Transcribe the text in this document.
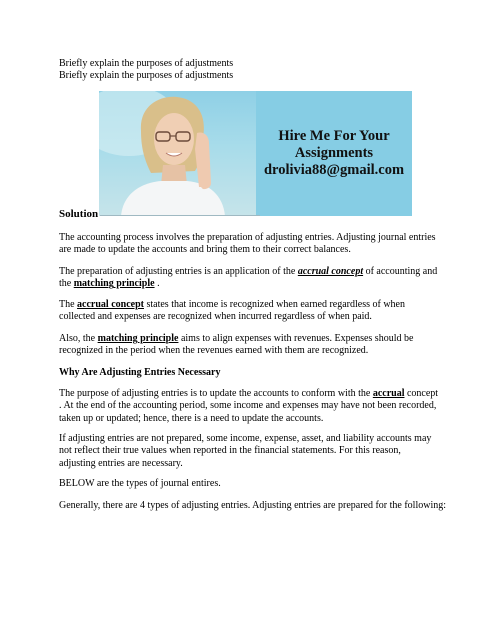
Briefly explain the purposes of adjustments
Briefly explain the purposes of adjustments
Hire Me For Your
Assignments
drolivia88@gmail.com
Solution

The accounting process involves the preparation of adjusting entries. Adjusting journal entries are made to update the accounts and bring them to their correct balances.

The preparation of adjusting entries is an application of the accrual concept of accounting and the matching principle .

The accrual concept states that income is recognized when earned regardless of when collected and expenses are recognized when incurred regardless of when paid.

Also, the matching principle aims to align expenses with revenues. Expenses should be recognized in the period when the revenues earned with them are recognized.

Why Are Adjusting Entries Necessary

The purpose of adjusting entries is to update the accounts to conform with the accrual concept . At the end of the accounting period, some income and expenses may have not been recorded, taken up or updated; hence, there is a need to update the accounts.

If adjusting entries are not prepared, some income, expense, asset, and liability accounts may not reflect their true values when reported in the financial statements. For this reason, adjusting entries are necessary.

BELOW are the types of journal entires.

Generally, there are 4 types of adjusting entries. Adjusting entries are prepared for the following:
